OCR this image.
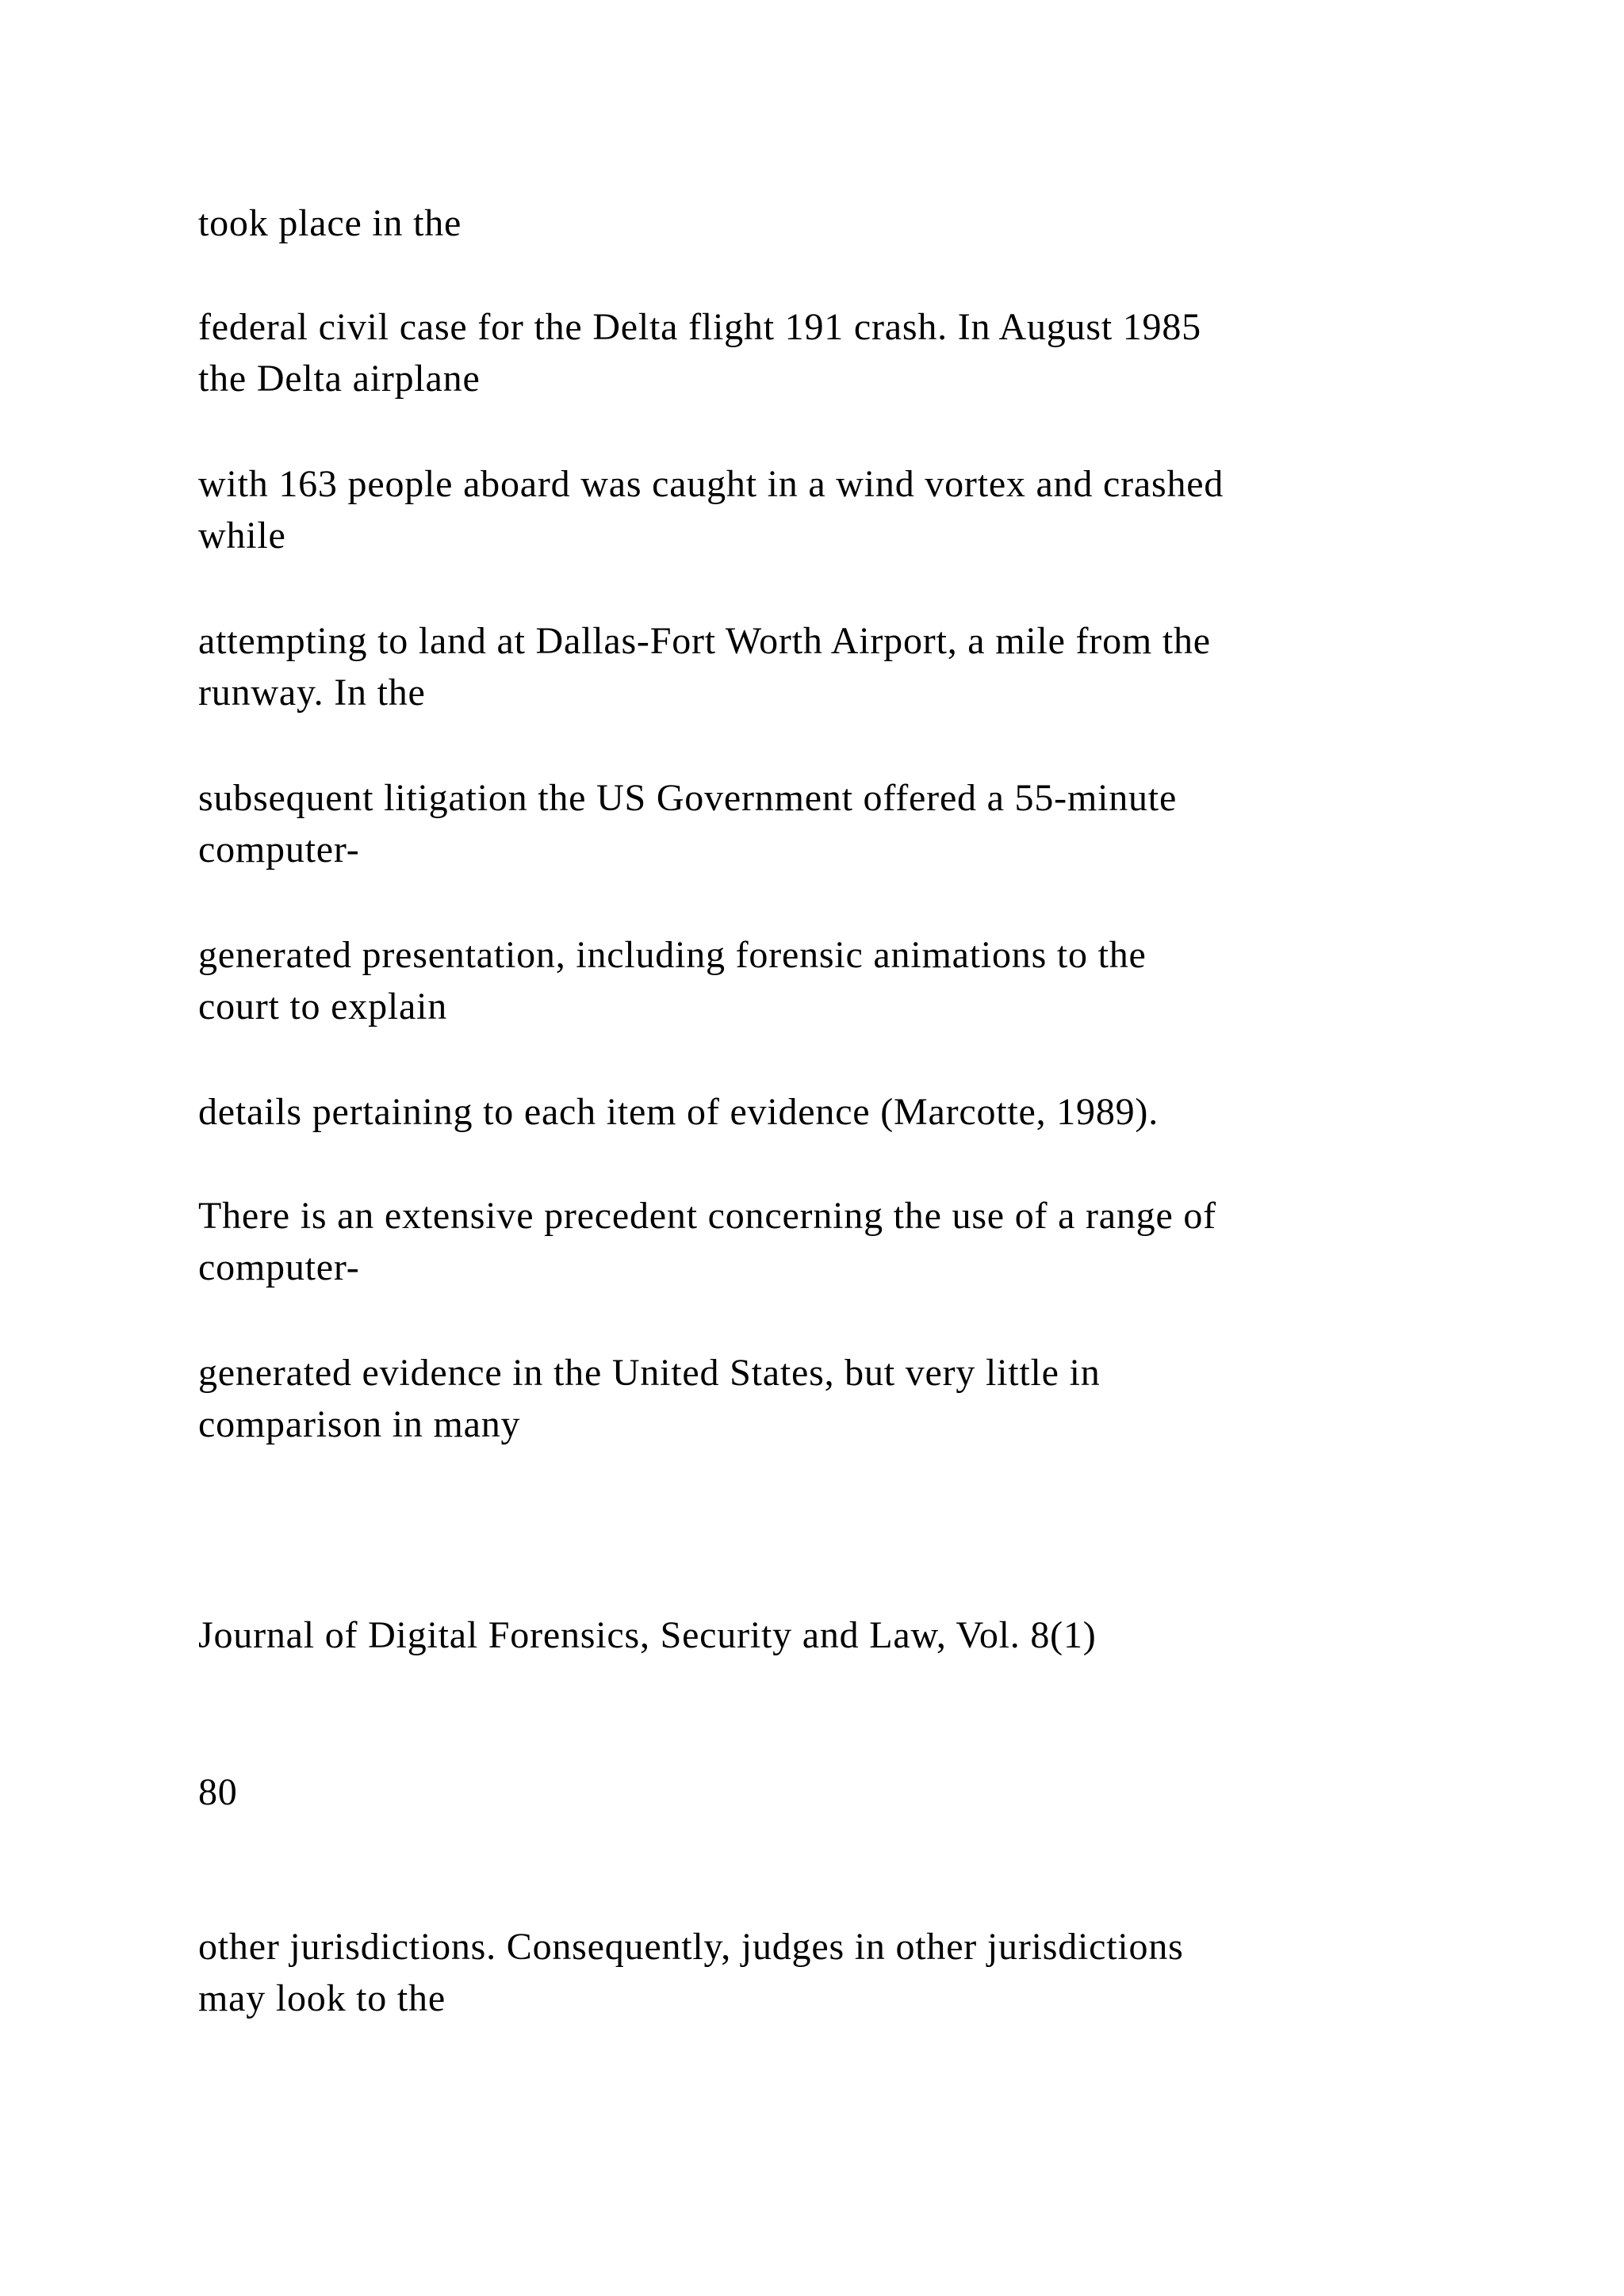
took place in the

federal civil case for the Delta flight 191 crash. In August 1985
the Delta airplane

with 163 people aboard was caught in a wind vortex and crashed
while

attempting to land at Dallas-Fort Worth Airport, a mile from the
runway. In the

subsequent litigation the US Government offered a 55-minute
computer-

generated presentation, including forensic animations to the
court to explain

details pertaining to each item of evidence (Marcotte, 1989).

There is an extensive precedent concerning the use of a range of
computer-

generated evidence in the United States, but very little in
comparison in many

Journal of Digital Forensics, Security and Law, Vol. 8(1)

80

other jurisdictions. Consequently, judges in other jurisdictions
may look to the
